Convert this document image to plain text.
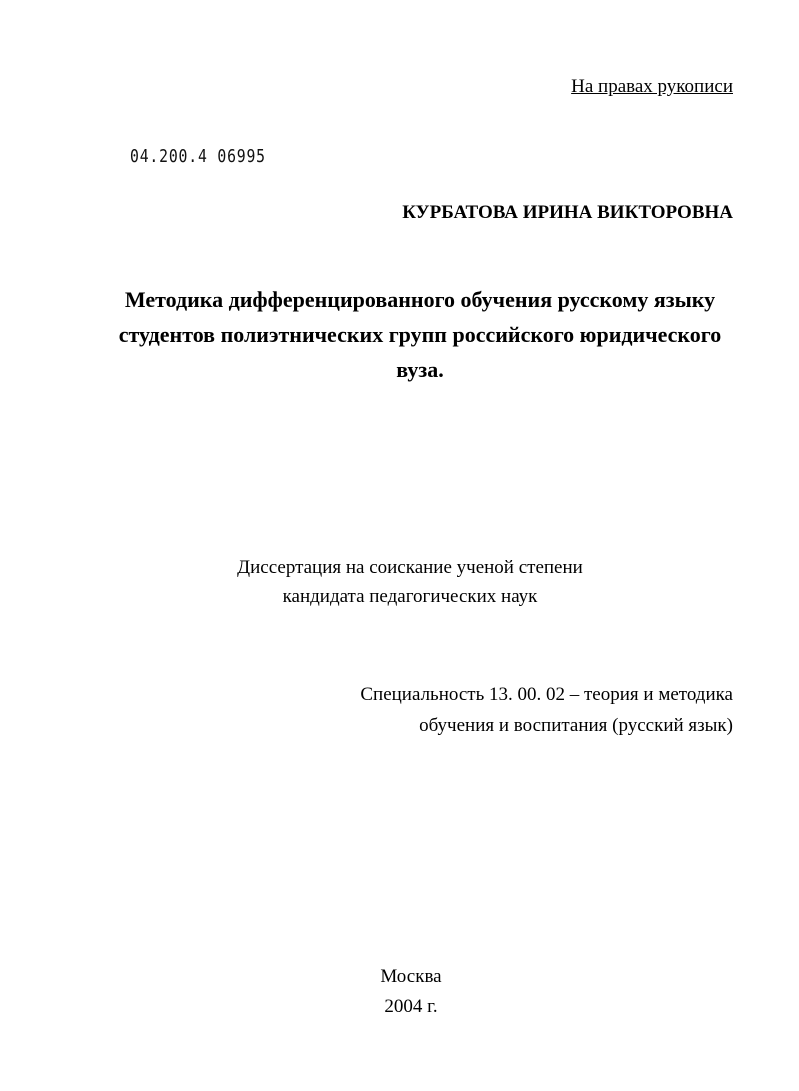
На правах рукописи
04.200.4 06995
КУРБАТОВА ИРИНА ВИКТОРОВНА
Методика дифференцированного обучения русскому языку
студентов полиэтнических групп российского юридического
вуза.
Диссертация на соискание ученой степени
кандидата педагогических наук
Специальность 13. 00. 02 – теория и методика
обучения и воспитания (русский язык)
Москва
2004 г.
